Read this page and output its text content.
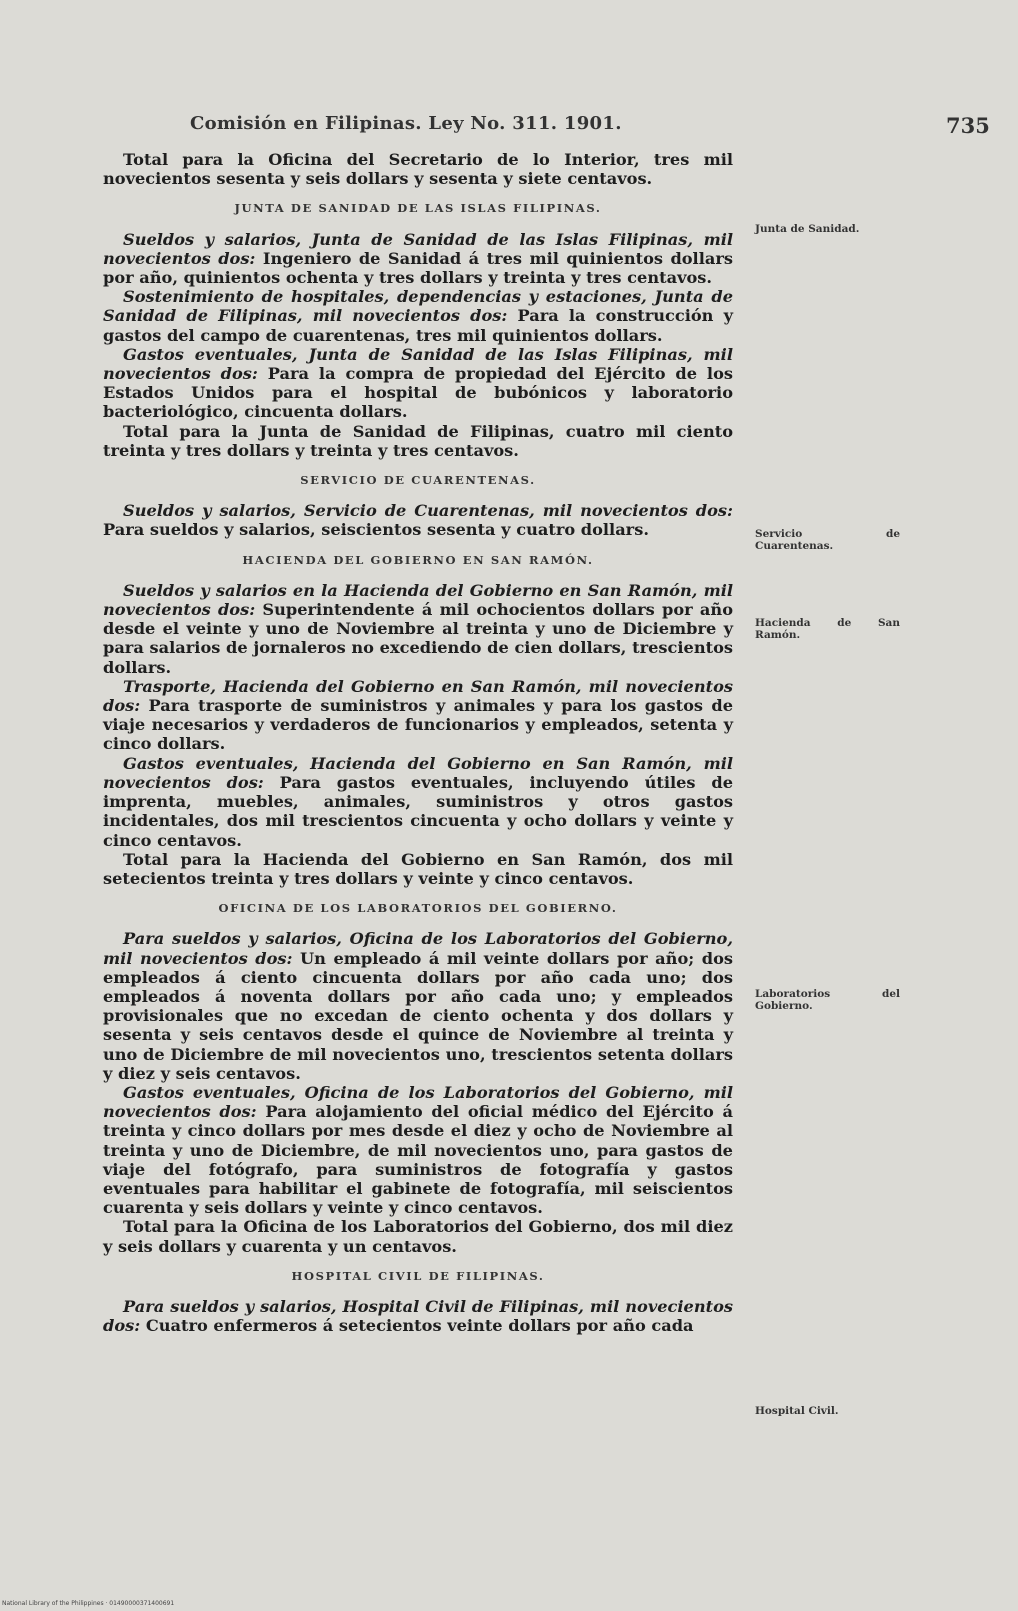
Comisión en Filipinas. Ley No. 311. 1901.	735

Total para la Oficina del Secretario de lo Interior, tres mil novecientos sesenta y seis dollars y sesenta y siete centavos.

JUNTA DE SANIDAD DE LAS ISLAS FILIPINAS.

Sueldos y salarios, Junta de Sanidad de las Islas Filipinas, mil novecientos dos: Ingeniero de Sanidad á tres mil quinientos dollars por año, quinientos ochenta y tres dollars y treinta y tres centavos.

Sostenimiento de hospitales, dependencias y estaciones, Junta de Sanidad de Filipinas, mil novecientos dos: Para la construcción y gastos del campo de cuarentenas, tres mil quinientos dollars.

Gastos eventuales, Junta de Sanidad de las Islas Filipinas, mil novecientos dos: Para la compra de propiedad del Ejército de los Estados Unidos para el hospital de bubónicos y laboratorio bacteriológico, cincuenta dollars.

Total para la Junta de Sanidad de Filipinas, cuatro mil ciento treinta y tres dollars y treinta y tres centavos.

SERVICIO DE CUARENTENAS.

Sueldos y salarios, Servicio de Cuarentenas, mil novecientos dos: Para sueldos y salarios, seiscientos sesenta y cuatro dollars.

HACIENDA DEL GOBIERNO EN SAN RAMÓN.

Sueldos y salarios en la Hacienda del Gobierno en San Ramón, mil novecientos dos: Superintendente á mil ochocientos dollars por año desde el veinte y uno de Noviembre al treinta y uno de Diciembre y para salarios de jornaleros no excediendo de cien dollars, trescientos dollars.

Trasporte, Hacienda del Gobierno en San Ramón, mil novecientos dos: Para trasporte de suministros y animales y para los gastos de viaje necesarios y verdaderos de funcionarios y empleados, setenta y cinco dollars.

Gastos eventuales, Hacienda del Gobierno en San Ramón, mil novecientos dos: Para gastos eventuales, incluyendo útiles de imprenta, muebles, animales, suministros y otros gastos incidentales, dos mil trescientos cincuenta y ocho dollars y veinte y cinco centavos.

Total para la Hacienda del Gobierno en San Ramón, dos mil setecientos treinta y tres dollars y veinte y cinco centavos.

OFICINA DE LOS LABORATORIOS DEL GOBIERNO.

Para sueldos y salarios, Oficina de los Laboratorios del Gobierno, mil novecientos dos: Un empleado á mil veinte dollars por año; dos empleados á ciento cincuenta dollars por año cada uno; dos empleados á noventa dollars por año cada uno; y empleados provisionales que no excedan de ciento ochenta y dos dollars y sesenta y seis centavos desde el quince de Noviembre al treinta y uno de Diciembre de mil novecientos uno, trescientos setenta dollars y diez y seis centavos.

Gastos eventuales, Oficina de los Laboratorios del Gobierno, mil novecientos dos: Para alojamiento del oficial médico del Ejército á treinta y cinco dollars por mes desde el diez y ocho de Noviembre al treinta y uno de Diciembre, de mil novecientos uno, para gastos de viaje del fotógrafo, para suministros de fotografía y gastos eventuales para habilitar el gabinete de fotografía, mil seiscientos cuarenta y seis dollars y veinte y cinco centavos.

Total para la Oficina de los Laboratorios del Gobierno, dos mil diez y seis dollars y cuarenta y un centavos.

HOSPITAL CIVIL DE FILIPINAS.

Para sueldos y salarios, Hospital Civil de Filipinas, mil novecientos dos: Cuatro enfermeros á setecientos veinte dollars por año cada

Junta de Sanidad.
Servicio de Cuarentenas.
Hacienda de San Ramón.
Laboratorios del Gobierno.
Hospital Civil.
National Library of the Philippines · 01490000371400691
